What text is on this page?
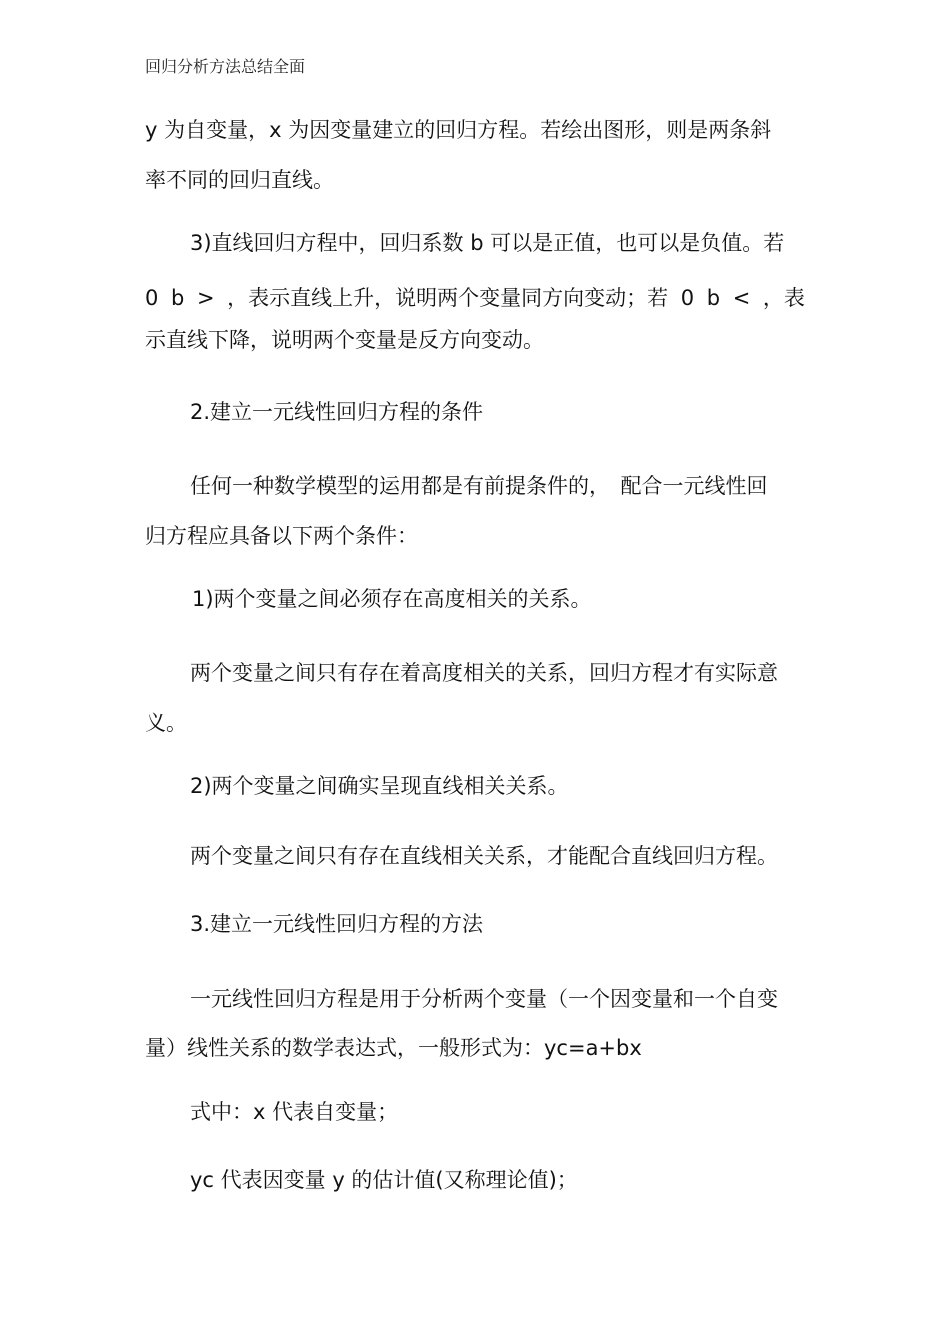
回归分析方法总结全面
y 为自变量，x 为因变量建立的回归方程。若绘出图形，则是两条斜
率不同的回归直线。
3)直线回归方程中，回归系数 b 可以是正值，也可以是负值。若
0 b > ，表示直线上升，说明两个变量同方向变动；若 0 b < ，表
示直线下降，说明两个变量是反方向变动。
2.建立一元线性回归方程的条件
任何一种数学模型的运用都是有前提条件的，　配合一元线性回
归方程应具备以下两个条件：
1)两个变量之间必须存在高度相关的关系。
两个变量之间只有存在着高度相关的关系，回归方程才有实际意
义。
2)两个变量之间确实呈现直线相关关系。
两个变量之间只有存在直线相关关系，才能配合直线回归方程。
3.建立一元线性回归方程的方法
一元线性回归方程是用于分析两个变量（一个因变量和一个自变
量）线性关系的数学表达式，一般形式为：yc=a+bx
式中：x 代表自变量；
yc 代表因变量 y 的估计值(又称理论值)；
